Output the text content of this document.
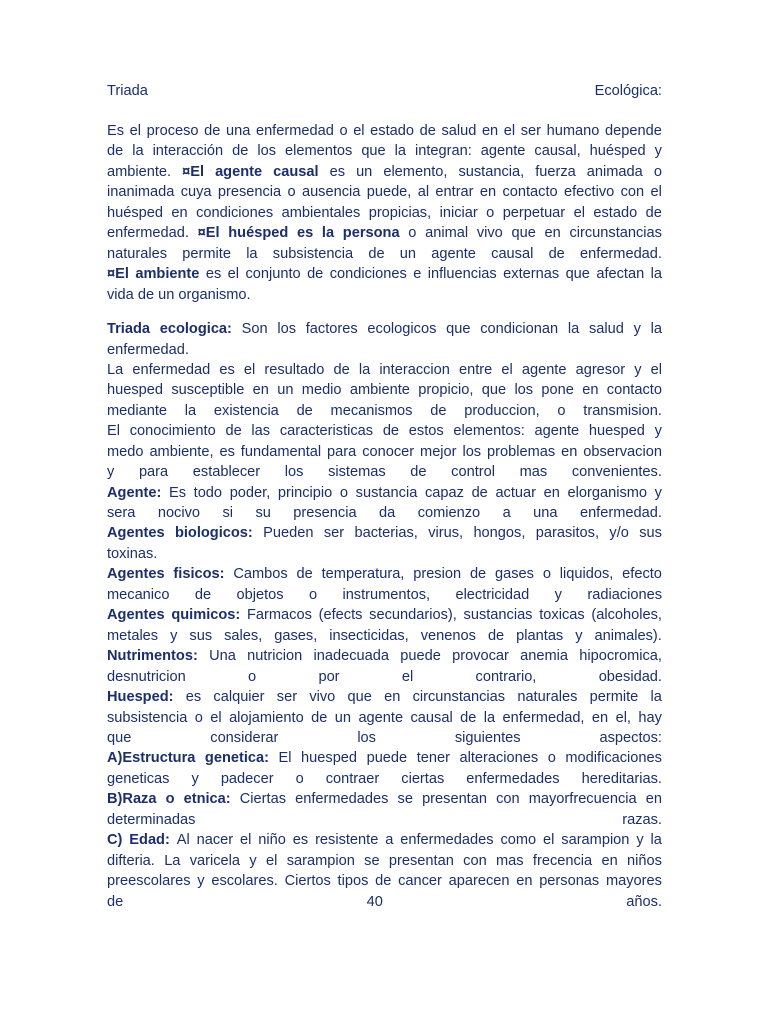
Triada	Ecológica:
Es el proceso de una enfermedad o el estado de salud en el ser humano depende
de la interacción de los elementos que la integran: agente causal, huésped y
ambiente. ¤El agente causal es un elemento, sustancia, fuerza animada o
inanimada cuya presencia o ausencia puede, al entrar en contacto efectivo con el
huésped en condiciones ambientales propicias, iniciar o perpetuar el estado de
enfermedad. ¤El huésped es la persona o animal vivo que en circunstancias
naturales permite la subsistencia de un agente causal de enfermedad.
¤El ambiente es el conjunto de condiciones e influencias externas que afectan la
vida de un organismo.
Triada ecologica: Son los factores ecologicos que condicionan la salud y la
enfermedad.
La enfermedad es el resultado de la interaccion entre el agente agresor y el
huesped susceptible en un medio ambiente propicio, que los pone en contacto
mediante la existencia de mecanismos de produccion, o transmision.
El conocimiento de las caracteristicas de estos elementos: agente huesped y
medo ambiente, es fundamental para conocer mejor los problemas en observacion
y para establecer los sistemas de control mas convenientes.
Agente: Es todo poder, principio o sustancia capaz de actuar en elorganismo y
sera nocivo si su presencia da comienzo a una enfermedad.
Agentes biologicos: Pueden ser bacterias, virus, hongos, parasitos, y/o sus
toxinas.
Agentes fisicos: Cambos de temperatura, presion de gases o liquidos, efecto
mecanico de objetos o instrumentos, electricidad y radiaciones
Agentes quimicos: Farmacos (efects secundarios), sustancias toxicas (alcoholes,
metales y sus sales, gases, insecticidas, venenos de plantas y animales).
Nutrimentos: Una nutricion inadecuada puede provocar anemia hipocromica,
desnutricion	o	por	el	contrario,	obesidad.
Huesped: es calquier ser vivo que en circunstancias naturales permite la
subsistencia o el alojamiento de un agente causal de la enfermedad, en el, hay
que	considerar	los	siguientes	aspectos:
A)Estructura genetica: El huesped puede tener alteraciones o modificaciones
geneticas y padecer o contraer ciertas enfermedades hereditarias.
B)Raza o etnica: Ciertas enfermedades se presentan con mayorfrecuencia en
determinadas	razas.
C) Edad: Al nacer el niño es resistente a enfermedades como el sarampion y la
difteria. La varicela y el sarampion se presentan con mas frecencia en niños
preescolares y escolares. Ciertos tipos de cancer aparecen en personas mayores
de	40	años.
